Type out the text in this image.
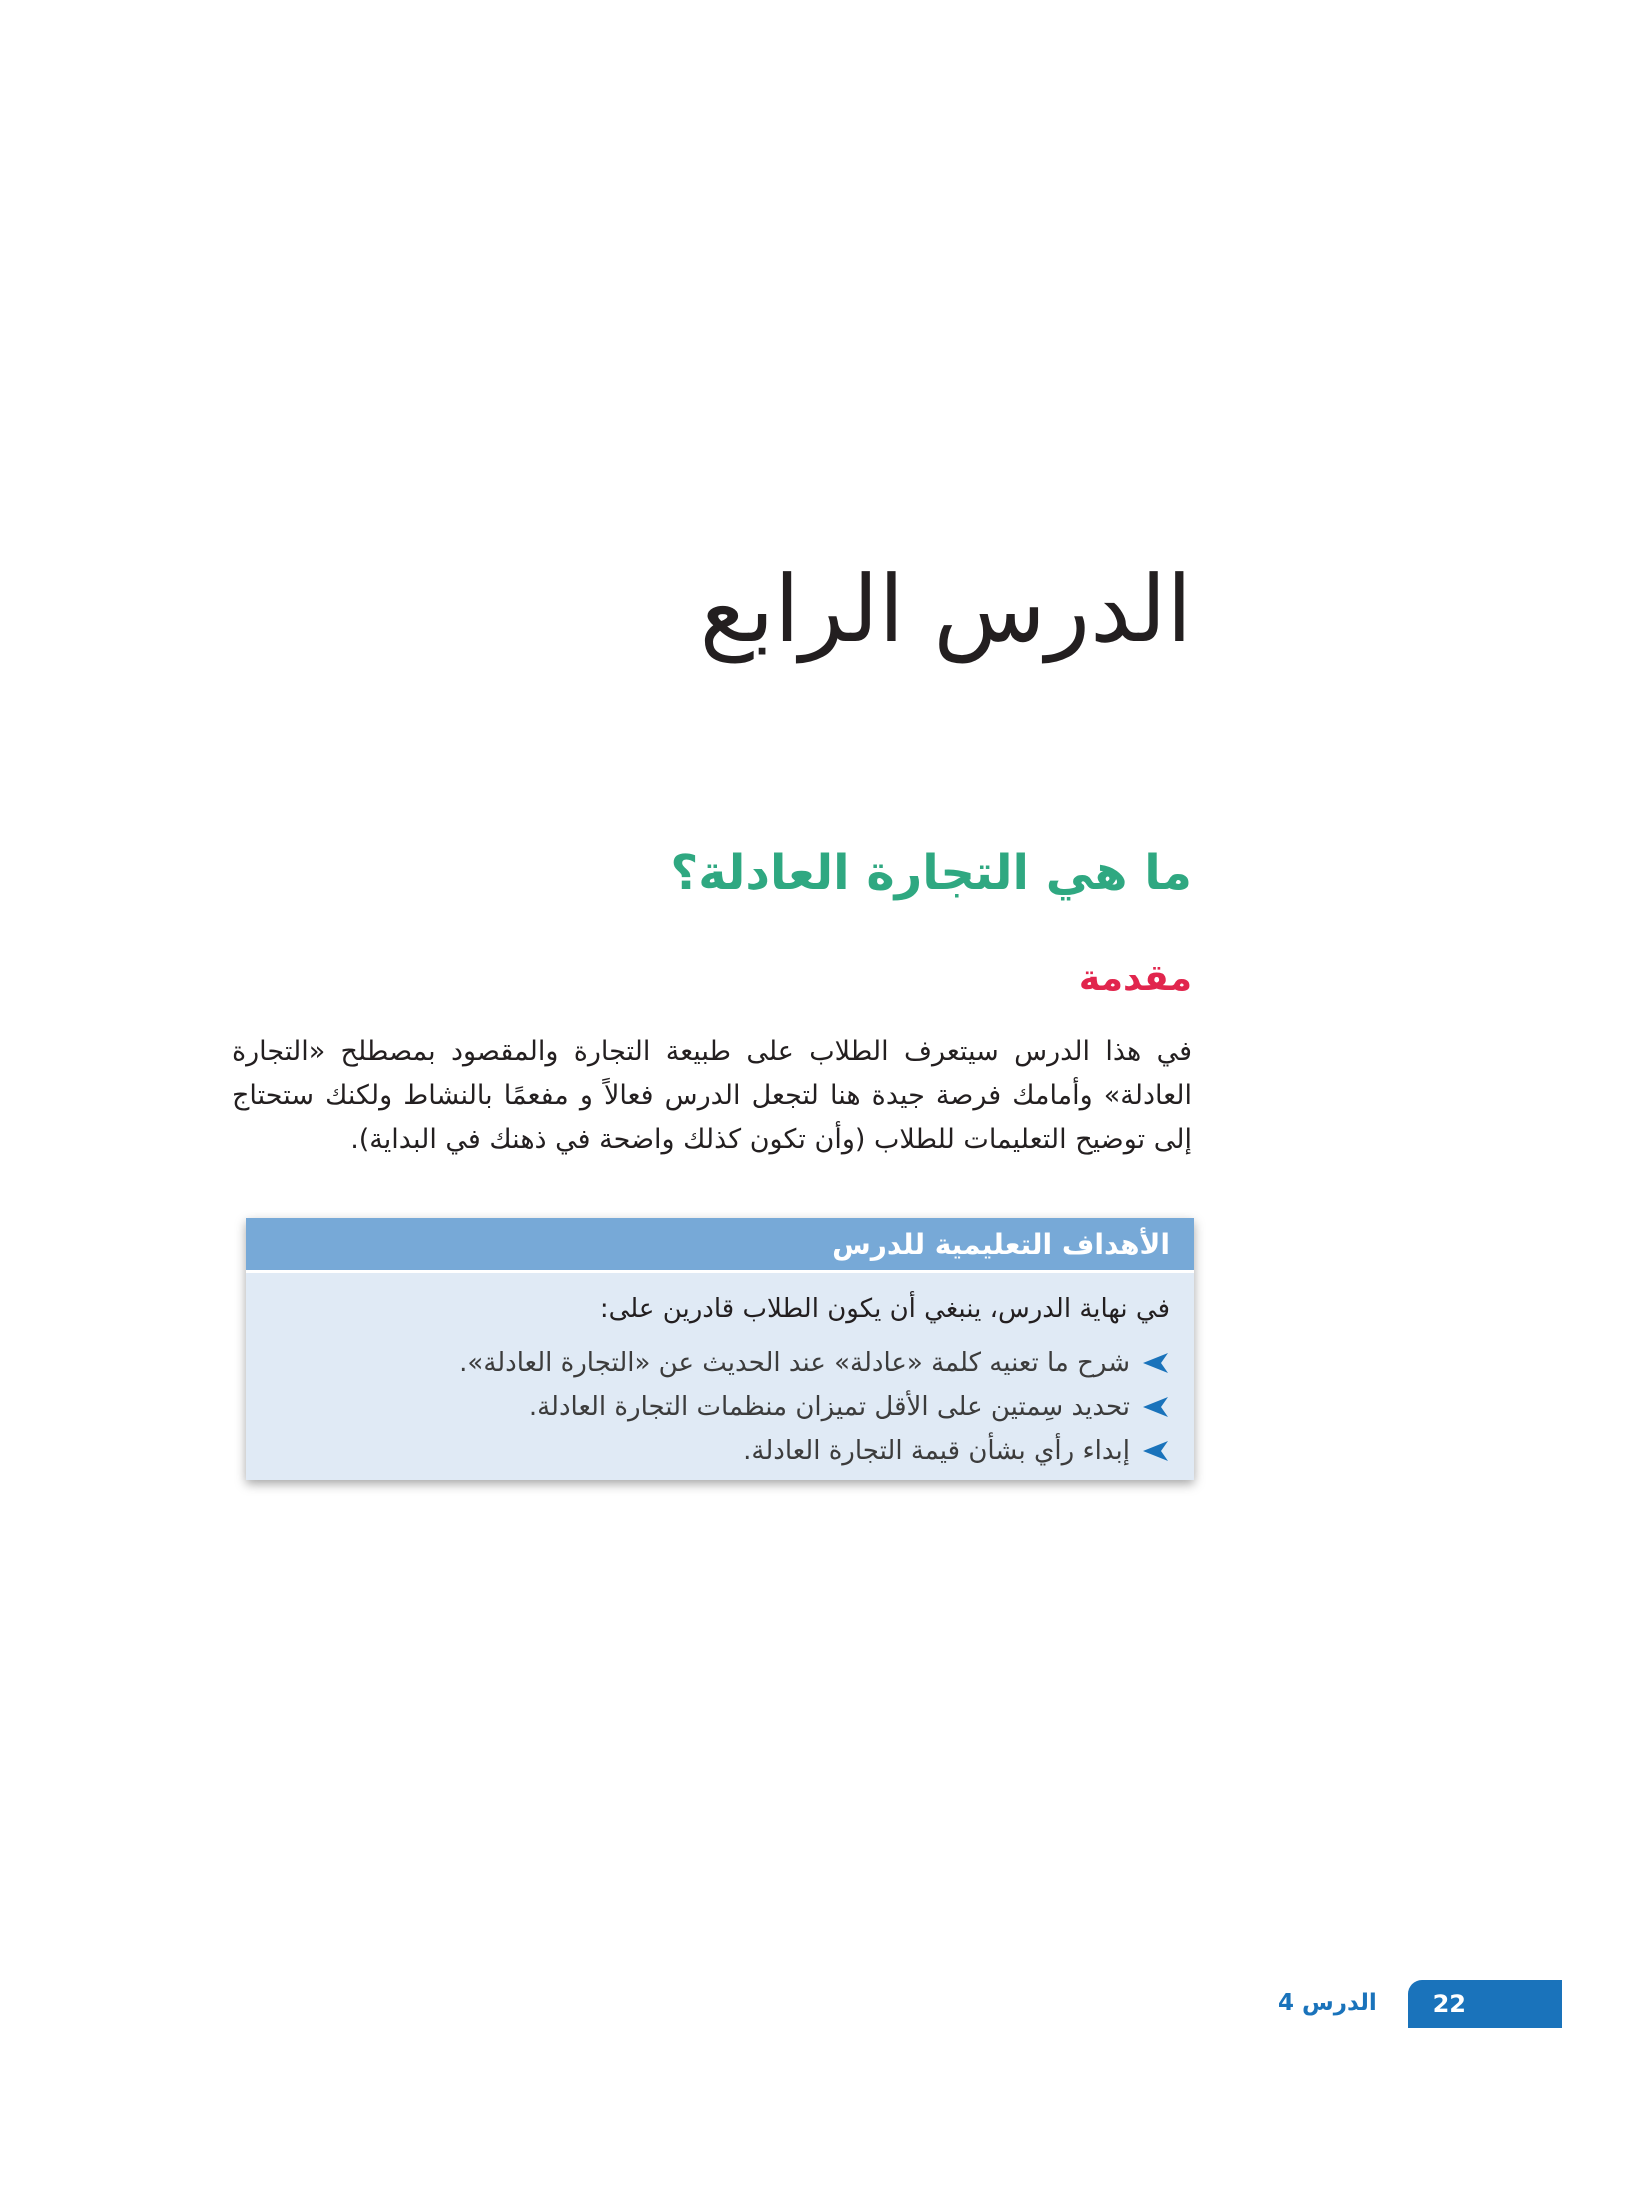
الدرس الرابع
ما هي التجارة العادلة؟
مقدمة

في هذا الدرس سيتعرف الطلاب على طبيعة التجارة والمقصود بمصطلح «التجارة العادلة» وأمامك فرصة جيدة هنا لتجعل الدرس فعالاً و مفعمًا بالنشاط ولكنك ستحتاج إلى توضيح التعليمات للطلاب (وأن تكون كذلك واضحة في ذهنك في البداية).

الأهداف التعليمية للدرس

في نهاية الدرس، ينبغي أن يكون الطلاب قادرين على:

شرح ما تعنيه كلمة «عادلة» عند الحديث عن «التجارة العادلة».
تحديد سِمتين على الأقل تميزان منظمات التجارة العادلة.
إبداء رأي بشأن قيمة التجارة العادلة.
22
الدرس 4
